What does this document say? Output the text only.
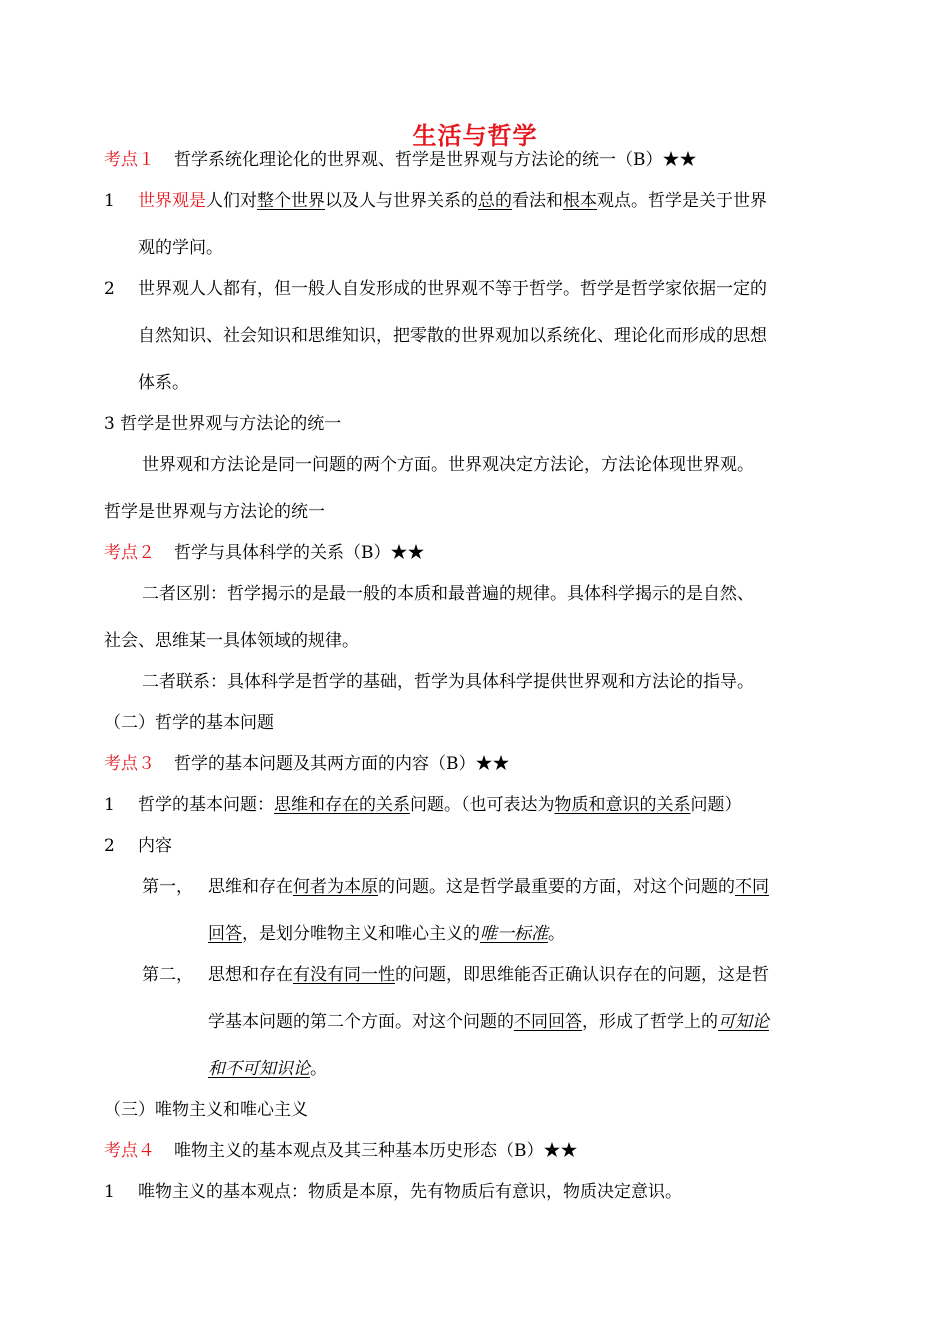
生活与哲学
考点１ 哲学系统化理论化的世界观、哲学是世界观与方法论的统一（B）★★
1 世界观是人们对整个世界以及人与世界关系的总的看法和根本观点。哲学是关于世界
观的学问。
2 世界观人人都有，但一般人自发形成的世界观不等于哲学。哲学是哲学家依据一定的
自然知识、社会知识和思维知识，把零散的世界观加以系统化、理论化而形成的思想
体系。
3 哲学是世界观与方法论的统一
世界观和方法论是同一问题的两个方面。世界观决定方法论，方法论体现世界观。
哲学是世界观与方法论的统一
考点２ 哲学与具体科学的关系（B）★★
二者区别：哲学揭示的是最一般的本质和最普遍的规律。具体科学揭示的是自然、
社会、思维某一具体领域的规律。
二者联系：具体科学是哲学的基础，哲学为具体科学提供世界观和方法论的指导。
（二）哲学的基本问题
考点３ 哲学的基本问题及其两方面的内容（B）★★
1 哲学的基本问题：思维和存在的关系问题。（也可表达为物质和意识的关系问题）
2 内容
第一， 思维和存在何者为本原的问题。这是哲学最重要的方面，对这个问题的不同
回答，是划分唯物主义和唯心主义的唯一标准。
第二， 思想和存在有没有同一性的问题，即思维能否正确认识存在的问题，这是哲
学基本问题的第二个方面。对这个问题的不同回答，形成了哲学上的可知论
和不可知识论。
（三）唯物主义和唯心主义
考点４ 唯物主义的基本观点及其三种基本历史形态（B）★★
1 唯物主义的基本观点：物质是本原，先有物质后有意识，物质决定意识。
